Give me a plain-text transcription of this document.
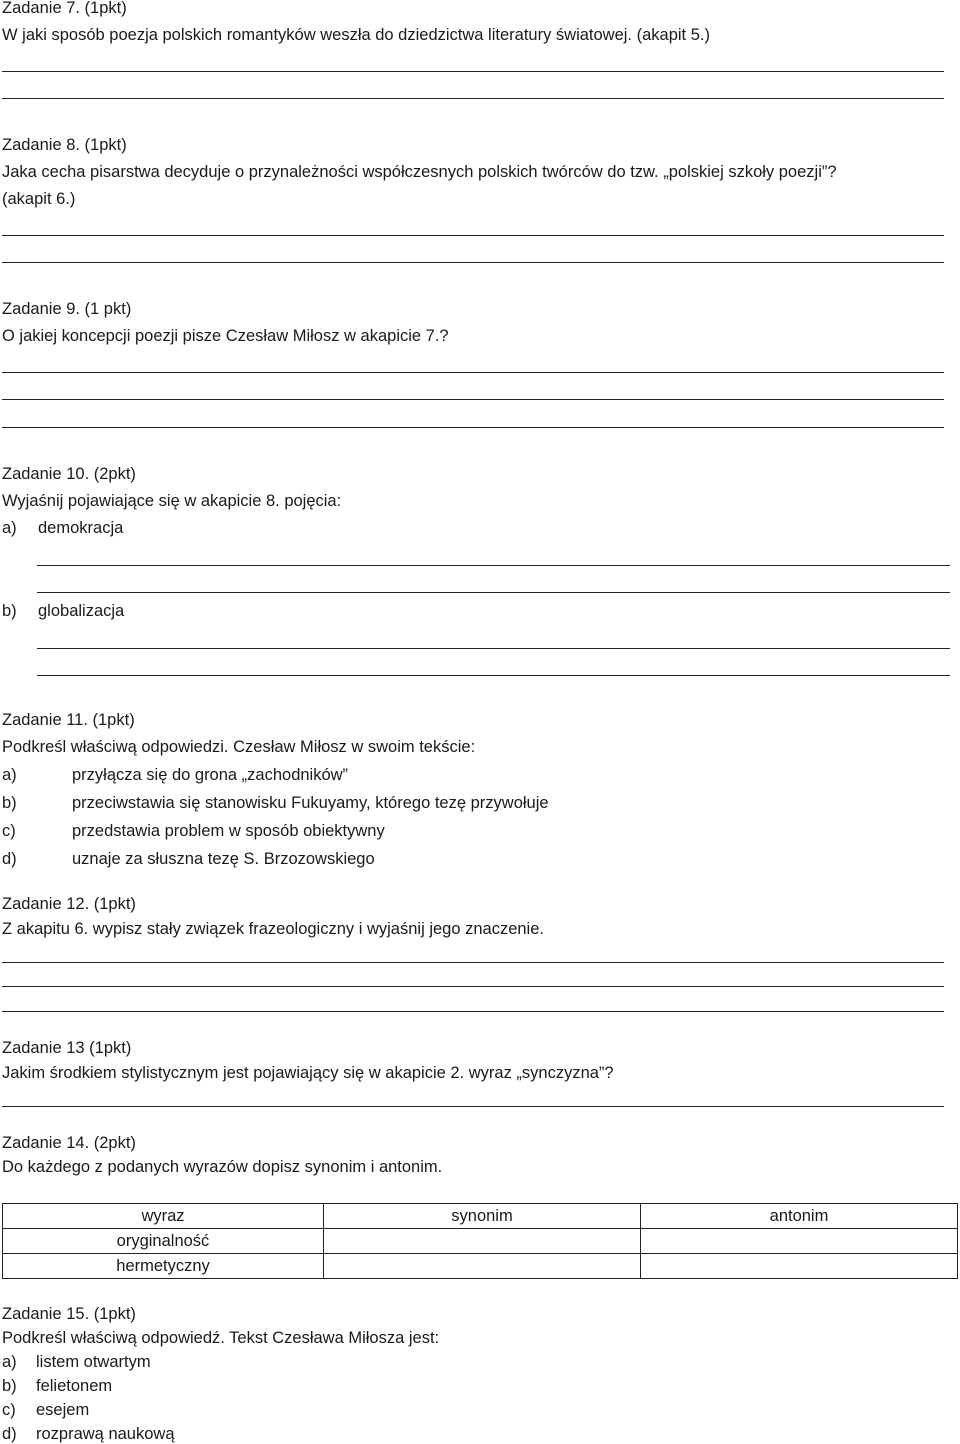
Zadanie 7. (1pkt)
W jaki sposób poezja polskich romantyków weszła do dziedzictwa literatury światowej. (akapit 5.)
Zadanie 8. (1pkt)
Jaka cecha pisarstwa decyduje o przynależności współczesnych polskich twórców do tzw. „polskiej szkoły poezji”?
(akapit 6.)
Zadanie 9. (1 pkt)
O jakiej koncepcji poezji pisze Czesław Miłosz w akapicie 7.?
Zadanie 10. (2pkt)
Wyjaśnij pojawiające się w akapicie 8. pojęcia:
a) demokracja
b) globalizacja
Zadanie 11. (1pkt)
Podkreśl właściwą odpowiedzi. Czesław Miłosz w swoim tekście:
a)	przyłącza się do grona „zachodników”
b)	przeciwstawia się stanowisku Fukuyamy, którego tezę przywołuje
c)	przedstawia problem w sposób obiektywny
d)	uznaje za słuszna tezę S. Brzozowskiego
Zadanie 12. (1pkt)
Z akapitu 6. wypisz stały związek frazeologiczny i wyjaśnij jego znaczenie.
Zadanie 13 (1pkt)
Jakim środkiem stylistycznym jest pojawiający się w akapicie 2. wyraz „synczyzna”?
Zadanie 14. (2pkt)
Do każdego z podanych wyrazów dopisz synonim i antonim.
wyraz	synonim	antonim
oryginalność		
hermetyczny		
Zadanie 15. (1pkt)
Podkreśl właściwą odpowiedź. Tekst Czesława Miłosza jest:
a) listem otwartym
b) felietonem
c) esejem
d) rozprawą naukową
